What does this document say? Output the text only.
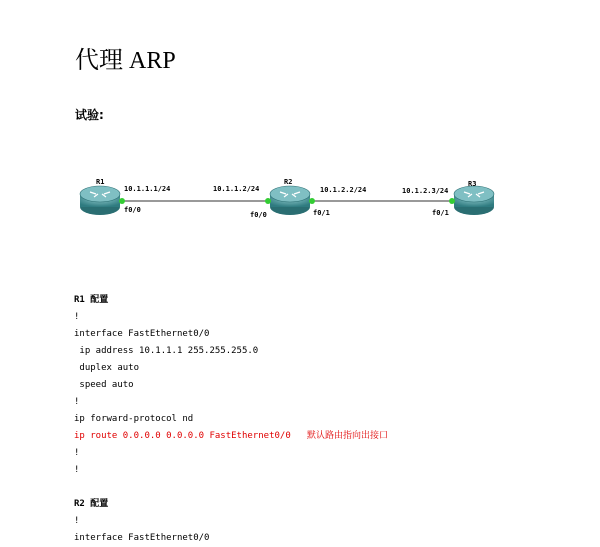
代理 ARP
试验:
R1	R2	R3
10.1.1.1/24
f0/0
10.1.1.2/24
f0/0
10.1.2.2/24
f0/1
10.1.2.3/24
f0/1
R1 配置
!
interface FastEthernet0/0
ip address 10.1.1.1 255.255.255.0
duplex auto
speed auto
!
ip forward-protocol nd
ip route 0.0.0.0 0.0.0.0 FastEthernet0/0   默认路由指向出接口
!
!
R2 配置
!
interface FastEthernet0/0
